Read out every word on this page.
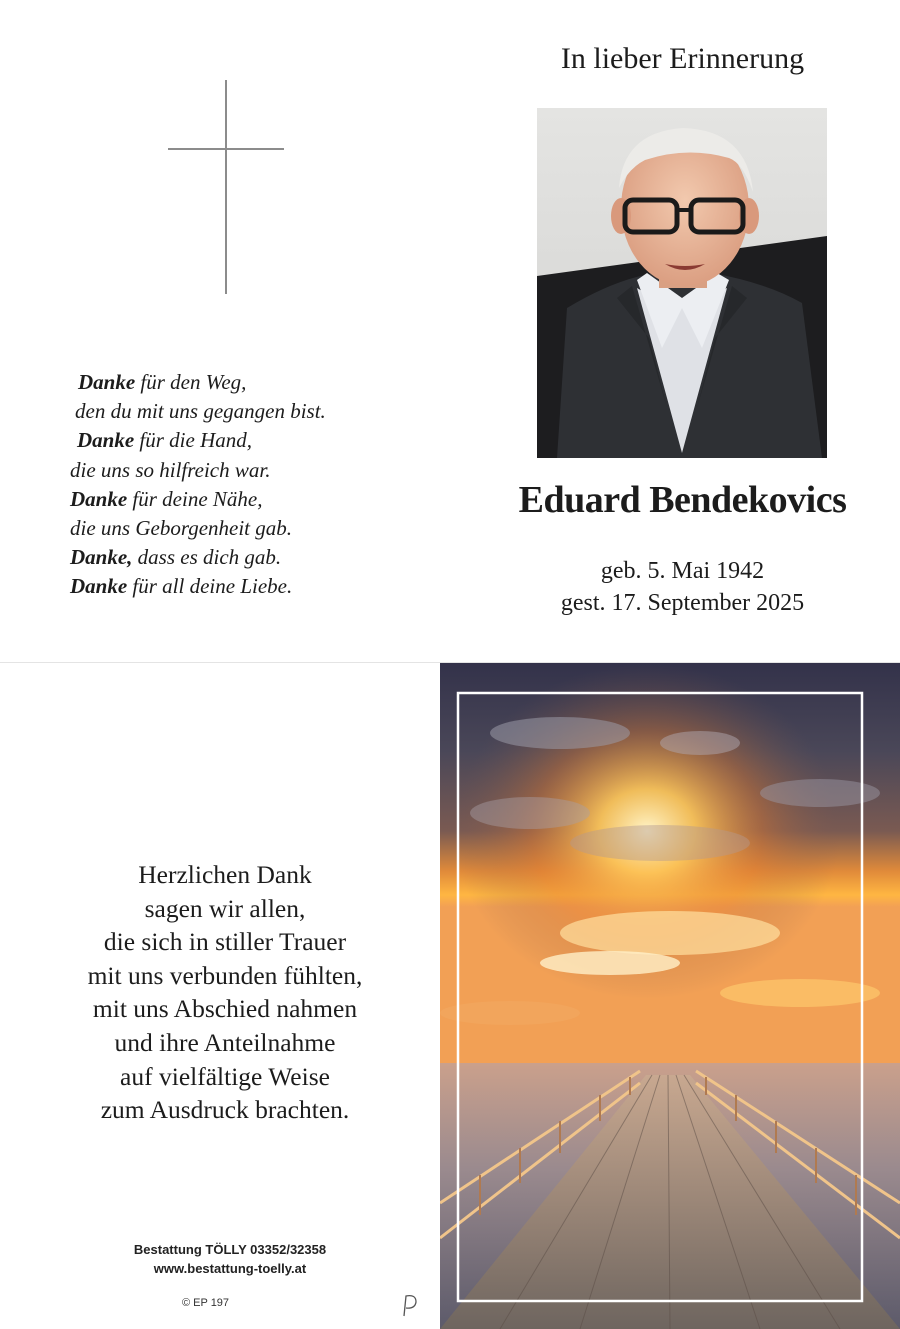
Danke für den Weg,
den du mit uns gegangen bist.
Danke für die Hand,
die uns so hilfreich war.
Danke für deine Nähe,
die uns Geborgenheit gab.
Danke, dass es dich gab.
Danke für all deine Liebe.
In lieber Erinnerung
Eduard Bendekovics
geb. 5. Mai 1942
gest. 17. September 2025
Herzlichen Dank
sagen wir allen,
die sich in stiller Trauer
mit uns verbunden fühlten,
mit uns Abschied nahmen
und ihre Anteilnahme
auf vielfältige Weise
zum Ausdruck brachten.
Bestattung TÖLLY 03352/32358
www.bestattung-toelly.at
© EP 197
